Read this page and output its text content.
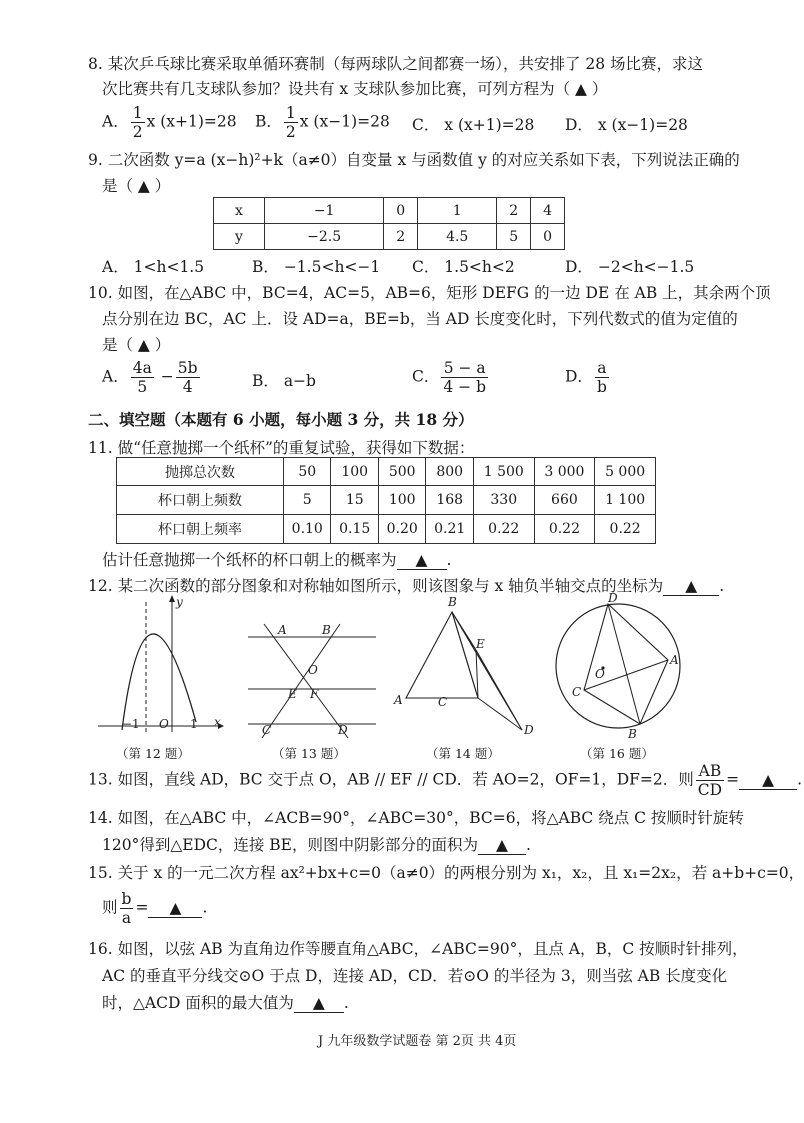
8. 某次乒乓球比赛采取单循环赛制（每两球队之间都赛一场），共安排了 28 场比赛，求这
次比赛共有几支球队参加？设共有 x 支球队参加比赛，可列方程为（ ▲ ）
A． $\frac{1}{2}$ x (x+1)=28 B． $\frac{1}{2}$ x (x−1)=28 C． x (x+1)=28 D． x (x−1)=28
9. 二次函数 y=a (x−h)²+k（a≠0）自变量 x 与函数值 y 的对应关系如下表，下列说法正确的
是（ ▲ ）
x	−1	0	1	2	4
y	−2.5	2	4.5	5	0
A． 1<h<1.5	B． −1.5<h<−1 C． 1.5<h<2	D． −2<h<−1.5
10. 如图，在△ABC 中，BC=4，AC=5，AB=6，矩形 DEFG 的一边 DE 在 AB 上，其余两个顶
点分别在边 BC，AC 上．设 AD=a，BE=b，当 AD 长度变化时，下列代数式的值为定值的
是（ ▲ ）
A． $\frac{4a}{5} - \frac{5b}{4}$	B． a−b	C． $\frac{5 - a}{4 - b}$	D． $\frac{a}{b}$
二、填空题（本题有 6 小题，每小题 3 分，共 18 分）
11. 做“任意抛掷一个纸杯”的重复试验，获得如下数据：
抛掷总次数	50	100	500	800	1 500	3 000	5 000
杯口朝上频数	5	15	100	168	330	660	1 100
杯口朝上频率	0.10	0.15	0.20	0.21	0.22	0.22	0.22
估计任意抛掷一个纸杯的杯口朝上的概率为 ▲ .
12. 某二次函数的部分图象和对称轴如图所示，则该图象与 x 轴负半轴交点的坐标为 ▲ .
y
x
−1 O 1
（第 12 题）
A	B
O
E F
C	D
（第 13 题）
B
E
A	C
D
（第 14 题）
D
A
O
C
B
（第 16 题）
13. 如图，直线 AD，BC 交于点 O，AB // EF // CD．若 AO=2，OF=1，DF=2．则 $\frac{AB}{CD}$ = ▲ .
14. 如图，在△ABC 中，∠ACB=90°，∠ABC=30°，BC=6，将△ABC 绕点 C 按顺时针旋转
120°得到△EDC，连接 BE，则图中阴影部分的面积为 ▲ .
15. 关于 x 的一元二次方程 ax²+bx+c=0（a≠0）的两根分别为 x₁，x₂，且 x₁=2x₂，若 a+b+c=0，
则 $\frac{b}{a}$ = ▲ .
16. 如图，以弦 AB 为直角边作等腰直角△ABC，∠ABC=90°，且点 A，B，C 按顺时针排列，
AC 的垂直平分线交⊙O 于点 D，连接 AD，CD．若⊙O 的半径为 3，则当弦 AB 长度变化
时，△ACD 面积的最大值为 ▲ .
J 九年级数学试题卷 第 2页 共 4页
